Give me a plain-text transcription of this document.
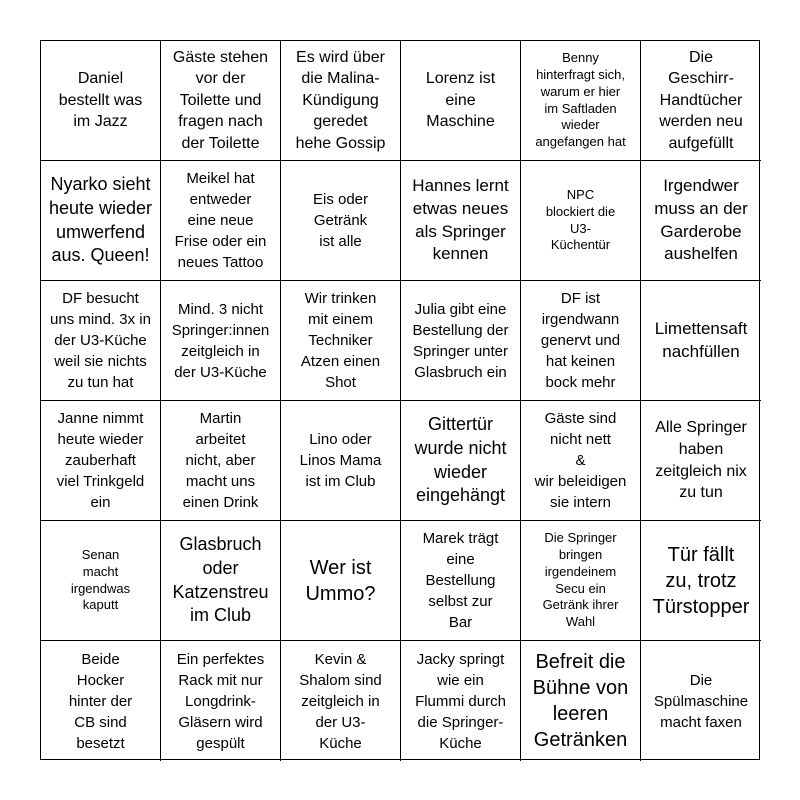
Daniel
bestellt was
im Jazz
Gäste stehen
vor der
Toilette und
fragen nach
der Toilette
Es wird über
die Malina-
Kündigung
geredet
hehe Gossip
Lorenz ist
eine
Maschine
Benny
hinterfragt sich,
warum er hier
im Saftladen
wieder
angefangen hat
Die
Geschirr-
Handtücher
werden neu
aufgefüllt
Nyarko sieht
heute wieder
umwerfend
aus. Queen!
Meikel hat
entweder
eine neue
Frise oder ein
neues Tattoo
Eis oder
Getränk
ist alle
Hannes lernt
etwas neues
als Springer
kennen
NPC
blockiert die
U3-
Küchentür
Irgendwer
muss an der
Garderobe
aushelfen
DF besucht
uns mind. 3x in
der U3-Küche
weil sie nichts
zu tun hat
Mind. 3 nicht
Springer:innen
zeitgleich in
der U3-Küche
Wir trinken
mit einem
Techniker
Atzen einen
Shot
Julia gibt eine
Bestellung der
Springer unter
Glasbruch ein
DF ist
irgendwann
genervt und
hat keinen
bock mehr
Limettensaft
nachfüllen
Janne nimmt
heute wieder
zauberhaft
viel Trinkgeld
ein
Martin
arbeitet
nicht, aber
macht uns
einen Drink
Lino oder
Linos Mama
ist im Club
Gittertür
wurde nicht
wieder
eingehängt
Gäste sind
nicht nett
&
wir beleidigen
sie intern
Alle Springer
haben
zeitgleich nix
zu tun
Senan
macht
irgendwas
kaputt
Glasbruch
oder
Katzenstreu
im Club
Wer ist
Ummo?
Marek trägt
eine
Bestellung
selbst zur
Bar
Die Springer
bringen
irgendeinem
Secu ein
Getränk ihrer
Wahl
Tür fällt
zu, trotz
Türstopper
Beide
Hocker
hinter der
CB sind
besetzt
Ein perfektes
Rack mit nur
Longdrink-
Gläsern wird
gespült
Kevin &
Shalom sind
zeitgleich in
der U3-
Küche
Jacky springt
wie ein
Flummi durch
die Springer-
Küche
Befreit die
Bühne von
leeren
Getränken
Die
Spülmaschine
macht faxen
